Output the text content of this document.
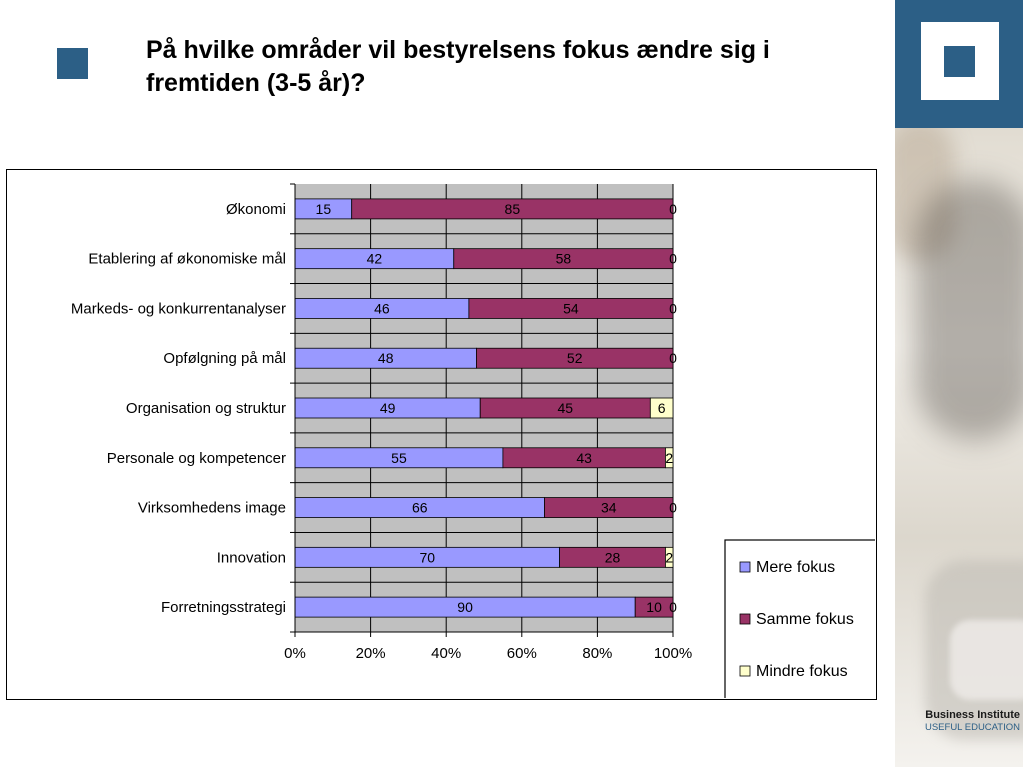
På hvilke områder vil bestyrelsens fokus ændre sig i fremtiden (3-5 år)?
Business Institute
USEFUL EDUCATION
15	85	0
Økonomi
42	58	0
Etablering af økonomiske mål
46	54	0
Markeds- og konkurrentanalyser
48	52	0
Opfølgning på mål
49	45	6
Organisation og struktur
55	43	2
Personale og kompetencer
66	34	0
Virksomhedens image
70	28	2
Innovation
90	10 0
Forretningsstrategi
0%	20%	40%	60%	80%	100%
Mere fokus
Samme fokus
Mindre fokus
